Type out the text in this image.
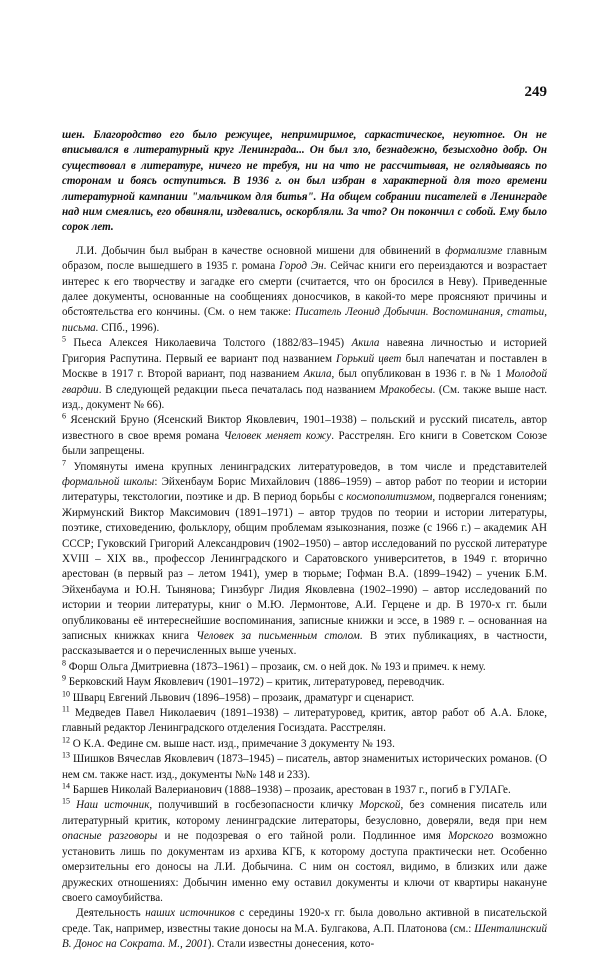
249

шен. Благородство его было режущее, непримиримое, саркастическое, неуютное. Он не вписывался в литературный круг Ленинграда... Он был зло, безнадежно, безысходно добр. Он существовал в литературе, ничего не требуя, ни на что не рассчитывая, не оглядываясь по сторонам и боясь оступиться. В 1936 г. он был избран в характерной для того времени литературной кампании "мальчиком для битья". На общем собрании писателей в Ленинграде над ним смеялись, его обвиняли, издевались, оскорбляли. За что? Он покончил с собой. Ему было сорок лет.

Л.И. Добычин был выбран в качестве основной мишени для обвинений в формализме главным образом, после вышедшего в 1935 г. романа Город Эн. Сейчас книги его переиздаются и возрастает интерес к его творчеству и загадке его смерти (считается, что он бросился в Неву). Приведенные далее документы, основанные на сообщениях доносчиков, в какой-то мере проясняют причины и обстоятельства его кончины. (См. о нем также: Писатель Леонид Добычин. Воспоминания, статьи, письма. СПб., 1996).

$^5$ Пьеса Алексея Николаевича Толстого (1882/83–1945) Акила навеяна личностью и историей Григория Распутина. Первый ее вариант под названием Горький цвет был напечатан и поставлен в Москве в 1917 г. Второй вариант, под названием Акила, был опубликован в 1936 г. в № 1 Молодой гвардии. В следующей редакции пьеса печаталась под названием Мракобесы. (См. также выше наст. изд., документ № 66).

$^6$ Ясенский Бруно (Ясенский Виктор Яковлевич, 1901–1938) – польский и русский писатель, автор известного в свое время романа Человек меняет кожу. Расстрелян. Его книги в Советском Союзе были запрещены.

$^7$ Упомянуты имена крупных ленинградских литературоведов, в том числе и представителей формальной школы: Эйхенбаум Борис Михайлович (1886–1959) – автор работ по теории и истории литературы, текстологии, поэтике и др. В период борьбы с космополитизмом, подвергался гонениям; Жирмунский Виктор Максимович (1891–1971) – автор трудов по теории и истории литературы, поэтике, стиховедению, фольклору, общим проблемам языкознания, позже (с 1966 г.) – академик АН СССР; Гуковский Григорий Александрович (1902–1950) – автор исследований по русской литературе XVIII – XIX вв., профессор Ленинградского и Саратовского университетов, в 1949 г. вторично арестован (в первый раз – летом 1941), умер в тюрьме; Гофман В.А. (1899–1942) – ученик Б.М. Эйхенбаума и Ю.Н. Тынянова; Гинзбург Лидия Яковлевна (1902–1990) – автор исследований по истории и теории литературы, книг о М.Ю. Лермонтове, А.И. Герцене и др. В 1970-х гг. были опубликованы её интереснейшие воспоминания, записные книжки и эссе, в 1989 г. – основанная на записных книжках книга Человек за письменным столом. В этих публикациях, в частности, рассказывается и о перечисленных выше ученых.

$^8$ Форш Ольга Дмитриевна (1873–1961) – прозаик, см. о ней док. № 193 и примеч. к нему.

$^9$ Берковский Наум Яковлевич (1901–1972) – критик, литературовед, переводчик.

$^{10}$ Шварц Евгений Львович (1896–1958) – прозаик, драматург и сценарист.

$^{11}$ Медведев Павел Николаевич (1891–1938) – литературовед, критик, автор работ об А.А. Блоке, главный редактор Ленинградского отделения Госиздата. Расстрелян.

$^{12}$ О К.А. Федине см. выше наст. изд., примечание 3 документу № 193.

$^{13}$ Шишков Вячеслав Яковлевич (1873–1945) – писатель, автор знаменитых исторических романов. (О нем см. также наст. изд., документы №№ 148 и 233).

$^{14}$ Баршев Николай Валерианович (1888–1938) – прозаик, арестован в 1937 г., погиб в ГУЛАГе.

$^{15}$ Наш источник, получивший в госбезопасности кличку Морской, без сомнения писатель или литературный критик, которому ленинградские литераторы, безусловно, доверяли, ведя при нем опасные разговоры и не подозревая о его тайной роли. Подлинное имя Морского возможно установить лишь по документам из архива КГБ, к которому доступа практически нет. Особенно омерзительны его доносы на Л.И. Добычина. С ним он состоял, видимо, в близких или даже дружеских отношениях: Добычин именно ему оставил документы и ключи от квартиры накануне своего самоубийства.

Деятельность наших источников с середины 1920-х гг. была довольно активной в писательской среде. Так, например, известны такие доносы на М.А. Булгакова, А.П. Платонова (см.: Шенталинский В. Донос на Сократа. М., 2001). Стали известны донесения, кото-
